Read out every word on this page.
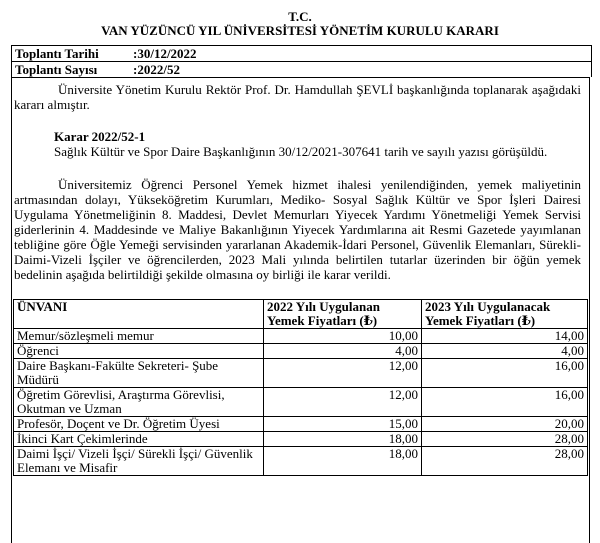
T.C.
VAN YÜZÜNCÜ YIL ÜNİVERSİTESİ YÖNETİM KURULU KARARI
Toplantı Tarihi	:30/12/2022
Toplantı Sayısı	:2022/52
Üniversite Yönetim Kurulu Rektör Prof. Dr. Hamdullah ŞEVLİ başkanlığında toplanarak aşağıdaki kararı almıştır.
Karar 2022/52-1
Sağlık Kültür ve Spor Daire Başkanlığının 30/12/2021-307641 tarih ve sayılı yazısı görüşüldü.
Üniversitemiz Öğrenci Personel Yemek hizmet ihalesi yenilendiğinden, yemek maliyetinin artmasından dolayı, Yükseköğretim Kurumları, Mediko- Sosyal Sağlık Kültür ve Spor İşleri Dairesi Uygulama Yönetmeliğinin 8. Maddesi, Devlet Memurları Yiyecek Yardımı Yönetmeliği Yemek Servisi giderlerinin 4. Maddesinde ve Maliye Bakanlığının Yiyecek Yardımlarına ait Resmi Gazetede yayımlanan tebliğine göre Öğle Yemeği servisinden yararlanan Akademik-İdari Personel, Güvenlik Elemanları, Sürekli-Daimi-Vizeli İşçiler ve öğrencilerden, 2023 Mali yılında belirtilen tutarlar üzerinden bir öğün yemek bedelinin aşağıda belirtildiği şekilde olmasına oy birliği ile karar verildi.
ÜNVANI	2022 Yılı Uygulanan Yemek Fiyatları (₺)	2023 Yılı Uygulanacak Yemek Fiyatları (₺)
Memur/sözleşmeli memur	10,00	14,00
Öğrenci	4,00	4,00
Daire Başkanı-Fakülte Sekreteri- Şube Müdürü	12,00	16,00
Öğretim Görevlisi, Araştırma Görevlisi, Okutman ve Uzman	12,00	16,00
Profesör, Doçent ve Dr. Öğretim Üyesi	15,00	20,00
İkinci Kart Çekimlerinde	18,00	28,00
Daimi İşçi/ Vizeli İşçi/ Sürekli İşçi/ Güvenlik Elemanı ve Misafir	18,00	28,00
